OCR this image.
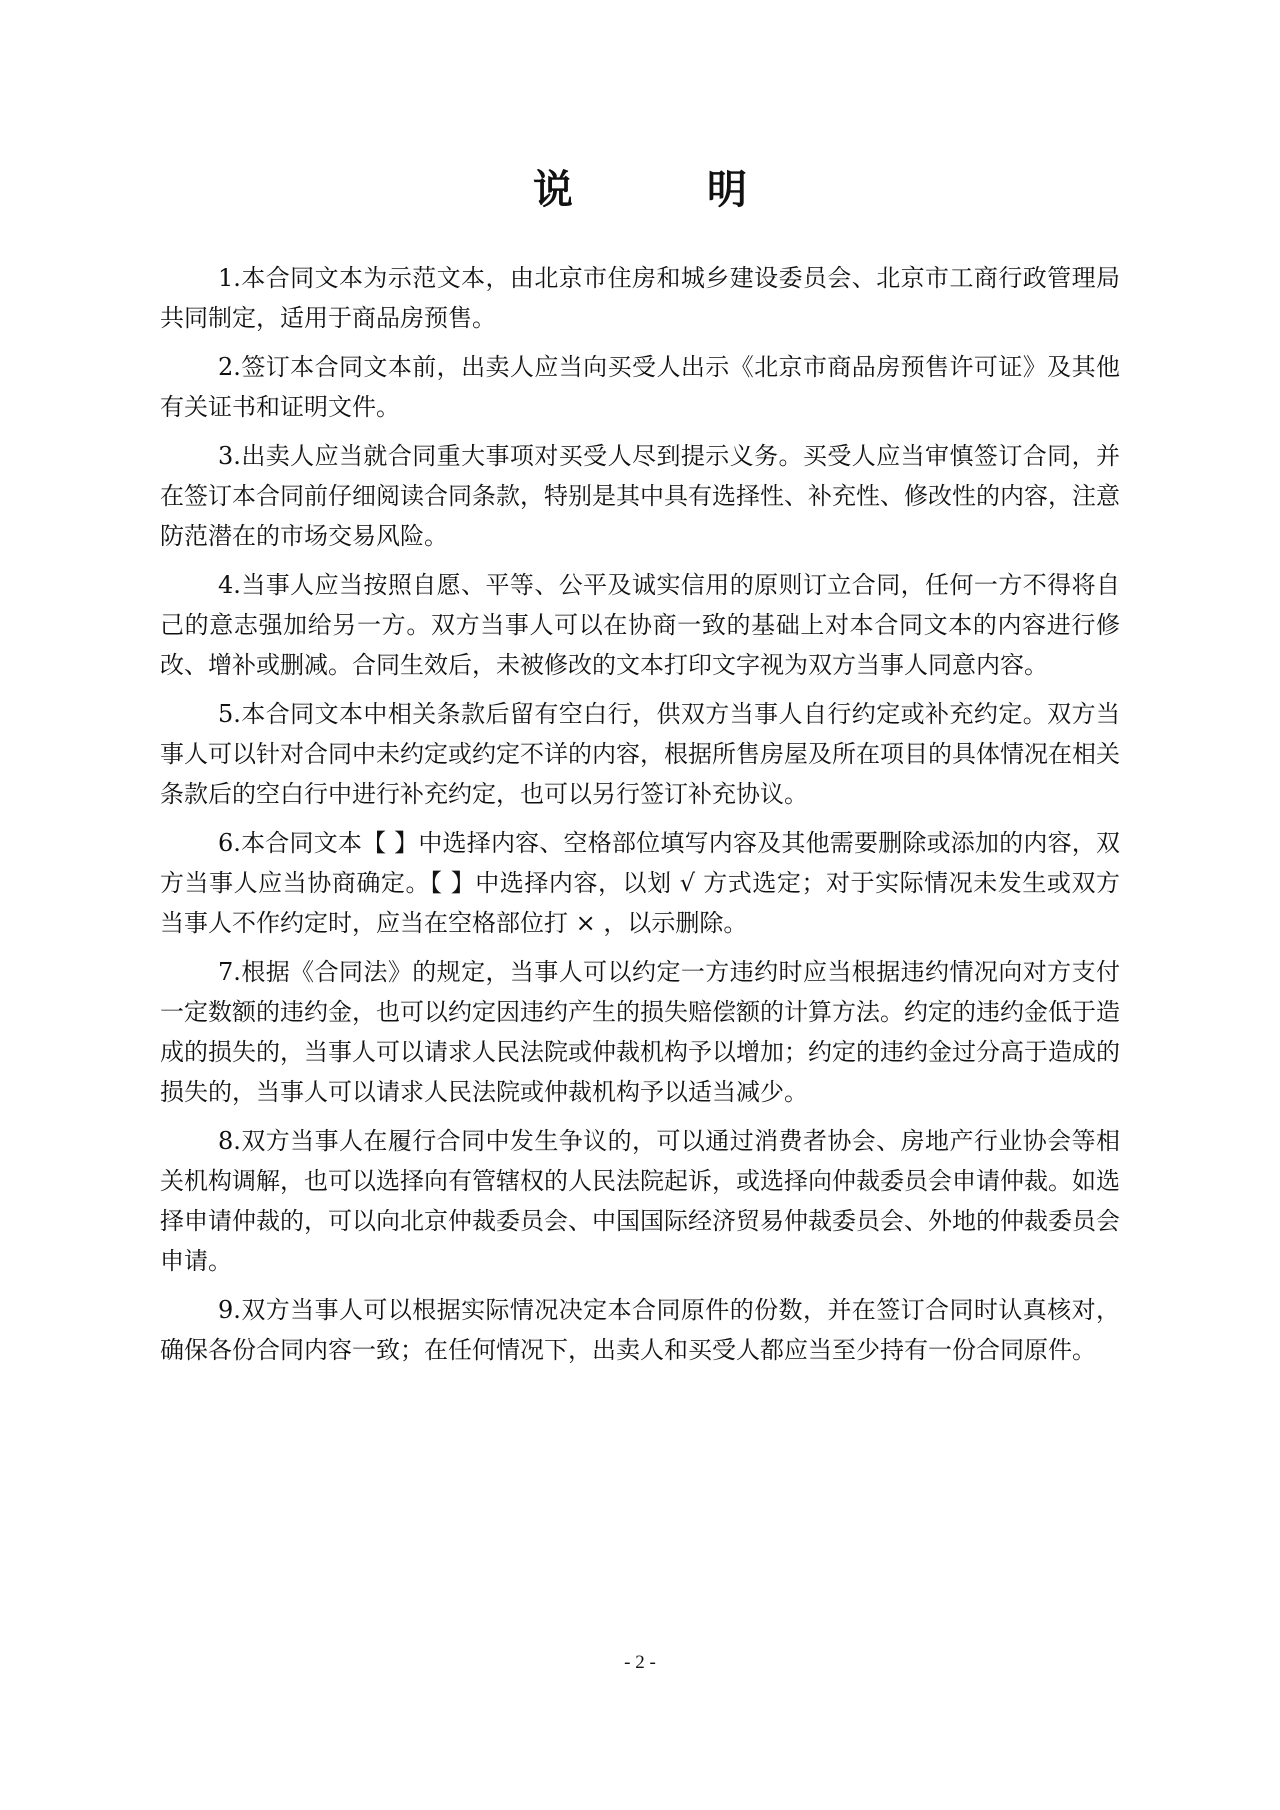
说 明

1.本合同文本为示范文本，由北京市住房和城乡建设委员会、北京市工商行政管理局共同制定，适用于商品房预售。

2.签订本合同文本前，出卖人应当向买受人出示《北京市商品房预售许可证》及其他有关证书和证明文件。

3.出卖人应当就合同重大事项对买受人尽到提示义务。买受人应当审慎签订合同，并在签订本合同前仔细阅读合同条款，特别是其中具有选择性、补充性、修改性的内容，注意防范潜在的市场交易风险。

4.当事人应当按照自愿、平等、公平及诚实信用的原则订立合同，任何一方不得将自己的意志强加给另一方。双方当事人可以在协商一致的基础上对本合同文本的内容进行修改、增补或删减。合同生效后，未被修改的文本打印文字视为双方当事人同意内容。

5.本合同文本中相关条款后留有空白行，供双方当事人自行约定或补充约定。双方当事人可以针对合同中未约定或约定不详的内容，根据所售房屋及所在项目的具体情况在相关条款后的空白行中进行补充约定，也可以另行签订补充协议。

6.本合同文本【 】中选择内容、空格部位填写内容及其他需要删除或添加的内容，双方当事人应当协商确定。【 】中选择内容，以划 √ 方式选定；对于实际情况未发生或双方当事人不作约定时，应当在空格部位打 × ，以示删除。

7.根据《合同法》的规定，当事人可以约定一方违约时应当根据违约情况向对方支付一定数额的违约金，也可以约定因违约产生的损失赔偿额的计算方法。约定的违约金低于造成的损失的，当事人可以请求人民法院或仲裁机构予以增加；约定的违约金过分高于造成的损失的，当事人可以请求人民法院或仲裁机构予以适当减少。

8.双方当事人在履行合同中发生争议的，可以通过消费者协会、房地产行业协会等相关机构调解，也可以选择向有管辖权的人民法院起诉，或选择向仲裁委员会申请仲裁。如选择申请仲裁的，可以向北京仲裁委员会、中国国际经济贸易仲裁委员会、外地的仲裁委员会申请。

9.双方当事人可以根据实际情况决定本合同原件的份数，并在签订合同时认真核对，确保各份合同内容一致；在任何情况下，出卖人和买受人都应当至少持有一份合同原件。

- 2 -
